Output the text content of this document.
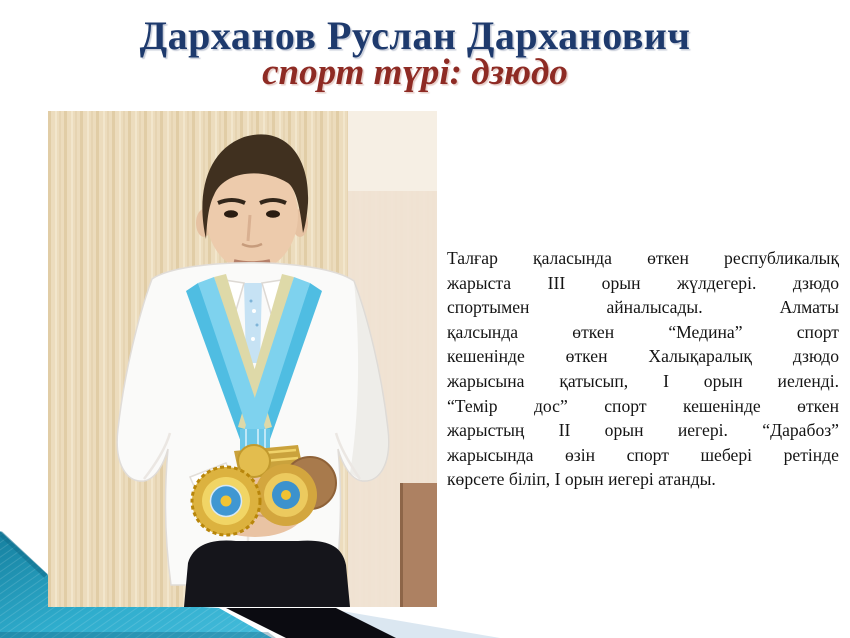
Дарханов Руслан Дарханович
спорт түрі: дзюдо
Талғар қаласында өткен республикалық
жарыста III орын жүлдегері. дзюдо
спортымен айналысады. Алматы
қалсында өткен “Медина” спорт
кешенінде өткен Халықаралық дзюдо
жарысына қатысып, I орын иеленді.
“Темір дос” спорт кешенінде өткен
жарыстың II орын иегері. “Дарабоз”
жарысында өзін спорт шебері ретінде
көрсете біліп, I орын иегері атанды.
